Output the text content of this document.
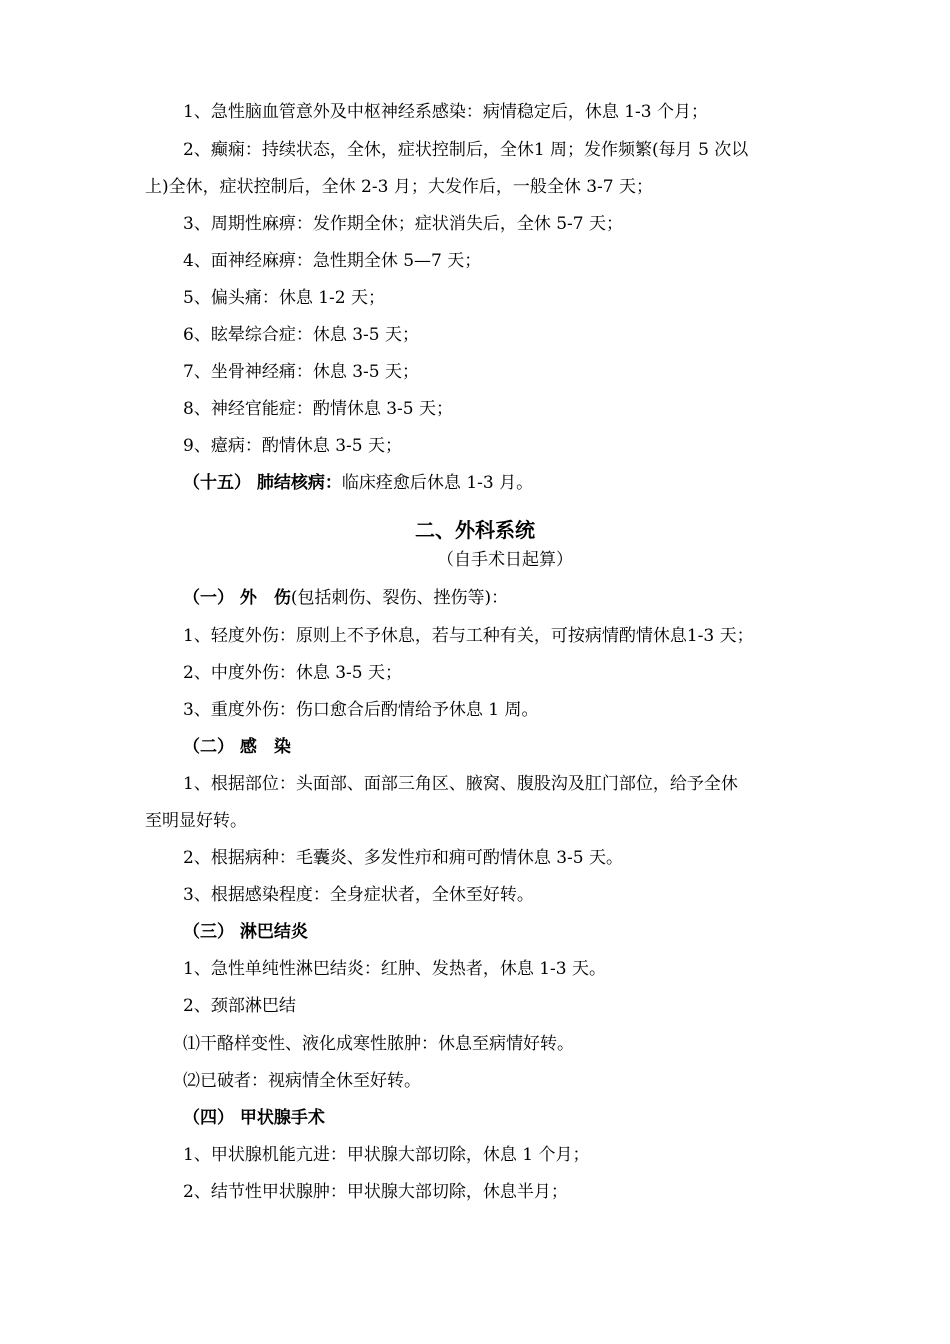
1、急性脑血管意外及中枢神经系感染：病情稳定后，休息 1-3 个月；
2、癫痫：持续状态，全休，症状控制后，全休1 周；发作频繁(每月 5 次以
上)全休，症状控制后，全休 2-3 月；大发作后，一般全休 3-7 天；
3、周期性麻痹：发作期全休；症状消失后，全休 5-7 天；
4、面神经麻痹：急性期全休 5—7 天；
5、偏头痛：休息 1-2 天；
6、眩晕综合症：休息 3-5 天；
7、坐骨神经痛：休息 3-5 天；
8、神经官能症：酌情休息 3-5 天；
9、癔病：酌情休息 3-5 天；
（十五） 肺结核病：临床痊愈后休息 1-3 月。
二、外科系统
（自手术日起算）
（一） 外　伤(包括刺伤、裂伤、挫伤等)：
1、轻度外伤：原则上不予休息，若与工种有关，可按病情酌情休息1-3 天；
2、中度外伤：休息 3-5 天；
3、重度外伤：伤口愈合后酌情给予休息 1 周。
（二） 感　染
1、根据部位：头面部、面部三角区、腋窝、腹股沟及肛门部位，给予全休
至明显好转。
2、根据病种：毛囊炎、多发性疖和痈可酌情休息 3-5 天。
3、根据感染程度：全身症状者，全休至好转。
（三） 淋巴结炎
1、急性单纯性淋巴结炎：红肿、发热者，休息 1-3 天。
2、颈部淋巴结
⑴干酪样变性、液化成寒性脓肿：休息至病情好转。
⑵已破者：视病情全休至好转。
（四） 甲状腺手术
1、甲状腺机能亢进：甲状腺大部切除，休息 1 个月；
2、结节性甲状腺肿：甲状腺大部切除，休息半月；
